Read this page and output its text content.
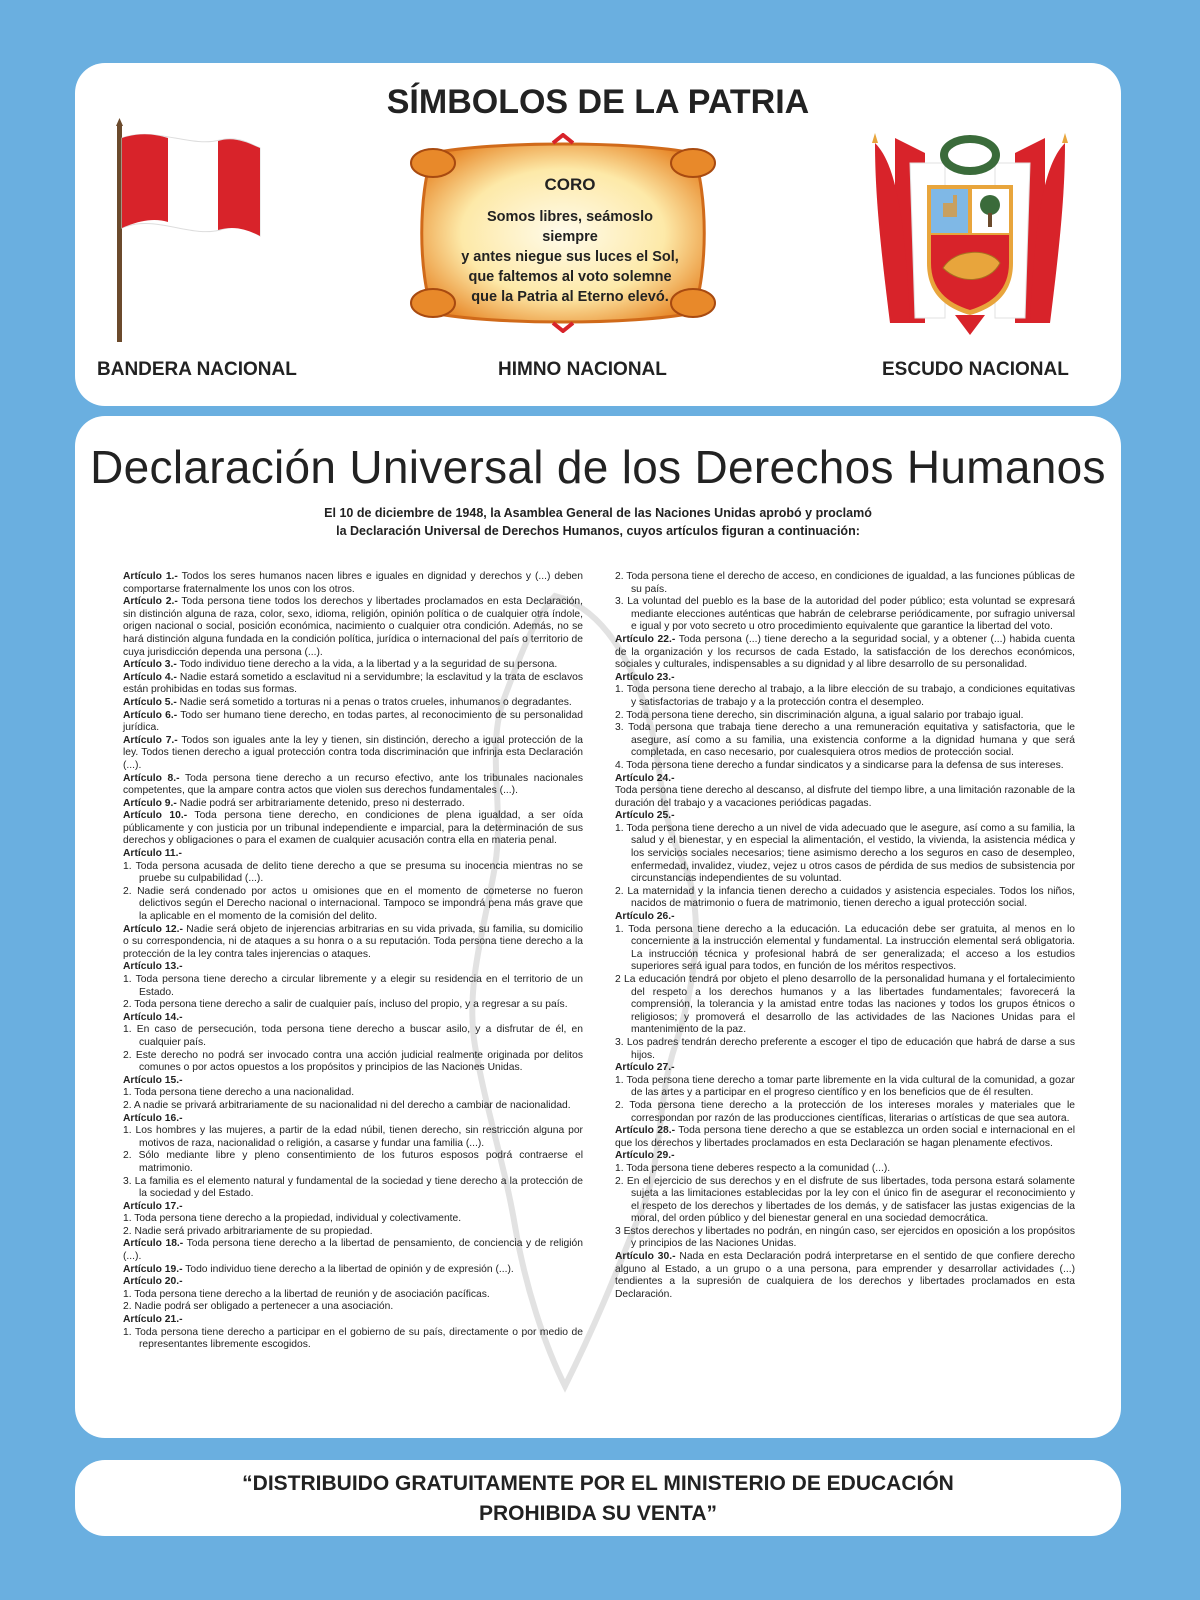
SÍMBOLOS DE LA PATRIA
CORO
Somos libres, seámoslo siempre
y antes niegue sus luces el Sol,
que faltemos al voto solemne
que la Patria al Eterno elevó.
BANDERA NACIONAL	HIMNO NACIONAL	ESCUDO NACIONAL
Declaración Universal de los Derechos Humanos
El 10 de diciembre de 1948, la Asamblea General de las Naciones Unidas aprobó y proclamó
la Declaración Universal de Derechos Humanos, cuyos artículos figuran a continuación:
Artículo 1.- Todos los seres humanos nacen libres e iguales en dignidad y derechos y (...) deben comportarse fraternalmente los unos con los otros.
Artículo 2.- Toda persona tiene todos los derechos y libertades proclamados en esta Declaración, sin distinción alguna de raza, color, sexo, idioma, religión, opinión política o de cualquier otra índole, origen nacional o social, posición económica, nacimiento o cualquier otra condición. Además, no se hará distinción alguna fundada en la condición política, jurídica o internacional del país o territorio de cuya jurisdicción dependa una persona (...).
Artículo 3.- Todo individuo tiene derecho a la vida, a la libertad y a la seguridad de su persona.
Artículo 4.- Nadie estará sometido a esclavitud ni a servidumbre; la esclavitud y la trata de esclavos están prohibidas en todas sus formas.
Artículo 5.- Nadie será sometido a torturas ni a penas o tratos crueles, inhumanos o degradantes.
Artículo 6.- Todo ser humano tiene derecho, en todas partes, al reconocimiento de su personalidad jurídica.
Artículo 7.- Todos son iguales ante la ley y tienen, sin distinción, derecho a igual protección de la ley. Todos tienen derecho a igual protección contra toda discriminación que infrinja esta Declaración (...).
Artículo 8.- Toda persona tiene derecho a un recurso efectivo, ante los tribunales nacionales competentes, que la ampare contra actos que violen sus derechos fundamentales (...).
Artículo 9.- Nadie podrá ser arbitrariamente detenido, preso ni desterrado.
Artículo 10.- Toda persona tiene derecho, en condiciones de plena igualdad, a ser oída públicamente y con justicia por un tribunal independiente e imparcial, para la determinación de sus derechos y obligaciones o para el examen de cualquier acusación contra ella en materia penal.
Artículo 11.-
1. Toda persona acusada de delito tiene derecho a que se presuma su inocencia mientras no se pruebe su culpabilidad (...).
2. Nadie será condenado por actos u omisiones que en el momento de cometerse no fueron delictivos según el Derecho nacional o internacional. Tampoco se impondrá pena más grave que la aplicable en el momento de la comisión del delito.
Artículo 12.- Nadie será objeto de injerencias arbitrarias en su vida privada, su familia, su domicilio o su correspondencia, ni de ataques a su honra o a su reputación. Toda persona tiene derecho a la protección de la ley contra tales injerencias o ataques.
Artículo 13.-
1. Toda persona tiene derecho a circular libremente y a elegir su residencia en el territorio de un Estado.
2. Toda persona tiene derecho a salir de cualquier país, incluso del propio, y a regresar a su país.
Artículo 14.-
1. En caso de persecución, toda persona tiene derecho a buscar asilo, y a disfrutar de él, en cualquier país.
2. Este derecho no podrá ser invocado contra una acción judicial realmente originada por delitos comunes o por actos opuestos a los propósitos y principios de las Naciones Unidas.
Artículo 15.-
1. Toda persona tiene derecho a una nacionalidad.
2. A nadie se privará arbitrariamente de su nacionalidad ni del derecho a cambiar de nacionalidad.
Artículo 16.-
1. Los hombres y las mujeres, a partir de la edad núbil, tienen derecho, sin restricción alguna por motivos de raza, nacionalidad o religión, a casarse y fundar una familia (...).
2. Sólo mediante libre y pleno consentimiento de los futuros esposos podrá contraerse el matrimonio.
3. La familia es el elemento natural y fundamental de la sociedad y tiene derecho a la protección de la sociedad y del Estado.
Artículo 17.-
1. Toda persona tiene derecho a la propiedad, individual y colectivamente.
2. Nadie será privado arbitrariamente de su propiedad.
Artículo 18.- Toda persona tiene derecho a la libertad de pensamiento, de conciencia y de religión (...).
Artículo 19.- Todo individuo tiene derecho a la libertad de opinión y de expresión (...).
Artículo 20.-
1. Toda persona tiene derecho a la libertad de reunión y de asociación pacíficas.
2. Nadie podrá ser obligado a pertenecer a una asociación.
Artículo 21.-
1. Toda persona tiene derecho a participar en el gobierno de su país, directamente o por medio de representantes libremente escogidos.
2. Toda persona tiene el derecho de acceso, en condiciones de igualdad, a las funciones públicas de su país.
3. La voluntad del pueblo es la base de la autoridad del poder público; esta voluntad se expresará mediante elecciones auténticas que habrán de celebrarse periódicamente, por sufragio universal e igual y por voto secreto u otro procedimiento equivalente que garantice la libertad del voto.
Artículo 22.- Toda persona (...) tiene derecho a la seguridad social, y a obtener (...) habida cuenta de la organización y los recursos de cada Estado, la satisfacción de los derechos económicos, sociales y culturales, indispensables a su dignidad y al libre desarrollo de su personalidad.
Artículo 23.-
1. Toda persona tiene derecho al trabajo, a la libre elección de su trabajo, a condiciones equitativas y satisfactorias de trabajo y a la protección contra el desempleo.
2. Toda persona tiene derecho, sin discriminación alguna, a igual salario por trabajo igual.
3. Toda persona que trabaja tiene derecho a una remuneración equitativa y satisfactoria, que le asegure, así como a su familia, una existencia conforme a la dignidad humana y que será completada, en caso necesario, por cualesquiera otros medios de protección social.
4. Toda persona tiene derecho a fundar sindicatos y a sindicarse para la defensa de sus intereses.
Artículo 24.-
Toda persona tiene derecho al descanso, al disfrute del tiempo libre, a una limitación razonable de la duración del trabajo y a vacaciones periódicas pagadas.
Artículo 25.-
1. Toda persona tiene derecho a un nivel de vida adecuado que le asegure, así como a su familia, la salud y el bienestar, y en especial la alimentación, el vestido, la vivienda, la asistencia médica y los servicios sociales necesarios; tiene asimismo derecho a los seguros en caso de desempleo, enfermedad, invalidez, viudez, vejez u otros casos de pérdida de sus medios de subsistencia por circunstancias independientes de su voluntad.
2. La maternidad y la infancia tienen derecho a cuidados y asistencia especiales. Todos los niños, nacidos de matrimonio o fuera de matrimonio, tienen derecho a igual protección social.
Artículo 26.-
1. Toda persona tiene derecho a la educación. La educación debe ser gratuita, al menos en lo concerniente a la instrucción elemental y fundamental. La instrucción elemental será obligatoria. La instrucción técnica y profesional habrá de ser generalizada; el acceso a los estudios superiores será igual para todos, en función de los méritos respectivos.
2 La educación tendrá por objeto el pleno desarrollo de la personalidad humana y el fortalecimiento del respeto a los derechos humanos y a las libertades fundamentales; favorecerá la comprensión, la tolerancia y la amistad entre todas las naciones y todos los grupos étnicos o religiosos; y promoverá el desarrollo de las actividades de las Naciones Unidas para el mantenimiento de la paz.
3. Los padres tendrán derecho preferente a escoger el tipo de educación que habrá de darse a sus hijos.
Artículo 27.-
1. Toda persona tiene derecho a tomar parte libremente en la vida cultural de la comunidad, a gozar de las artes y a participar en el progreso científico y en los beneficios que de él resulten.
2. Toda persona tiene derecho a la protección de los intereses morales y materiales que le correspondan por razón de las producciones científicas, literarias o artísticas de que sea autora.
Artículo 28.- Toda persona tiene derecho a que se establezca un orden social e internacional en el que los derechos y libertades proclamados en esta Declaración se hagan plenamente efectivos.
Artículo 29.-
1. Toda persona tiene deberes respecto a la comunidad (...).
2. En el ejercicio de sus derechos y en el disfrute de sus libertades, toda persona estará solamente sujeta a las limitaciones establecidas por la ley con el único fin de asegurar el reconocimiento y el respeto de los derechos y libertades de los demás, y de satisfacer las justas exigencias de la moral, del orden público y del bienestar general en una sociedad democrática.
3 Estos derechos y libertades no podrán, en ningún caso, ser ejercidos en oposición a los propósitos y principios de las Naciones Unidas.
Artículo 30.- Nada en esta Declaración podrá interpretarse en el sentido de que confiere derecho alguno al Estado, a un grupo o a una persona, para emprender y desarrollar actividades (...) tendientes a la supresión de cualquiera de los derechos y libertades proclamados en esta Declaración.
“DISTRIBUIDO GRATUITAMENTE POR EL MINISTERIO DE EDUCACIÓN
PROHIBIDA SU VENTA”
